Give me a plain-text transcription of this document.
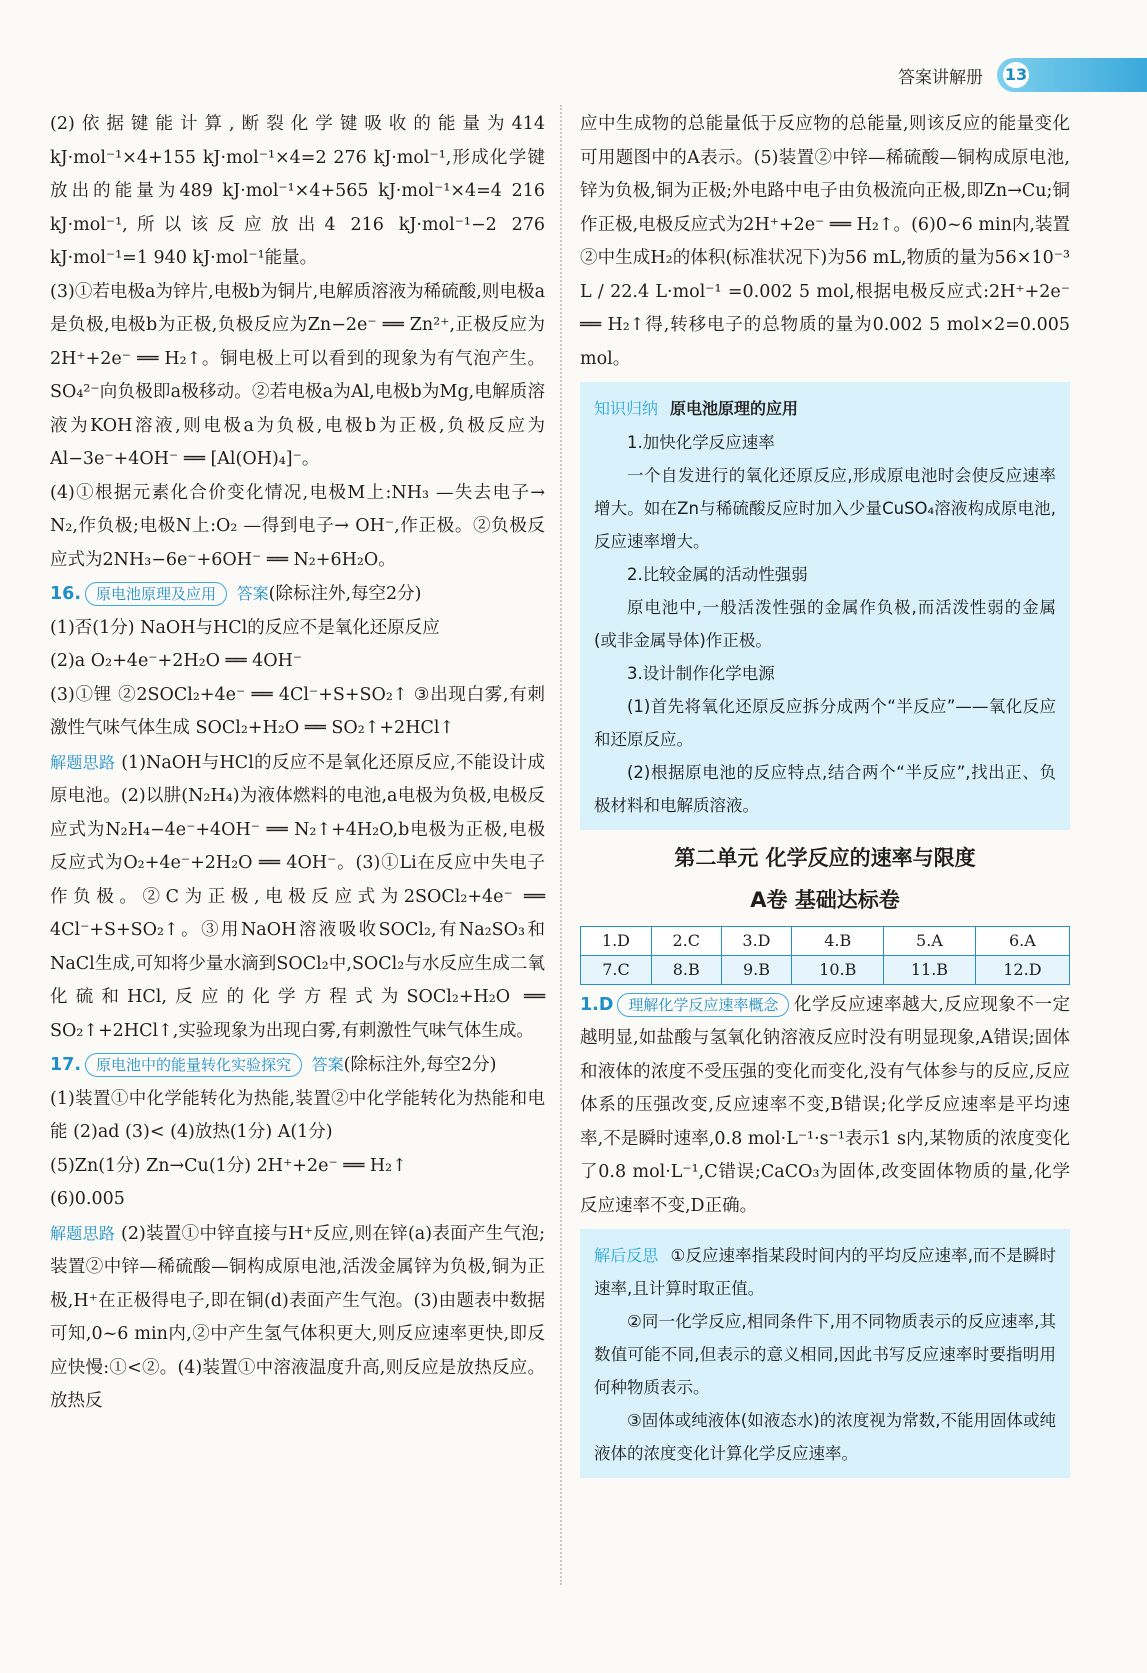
答案讲解册 13

(2)依据键能计算,断裂化学键吸收的能量为414 kJ·mol⁻¹×4+155 kJ·mol⁻¹×4=2 276 kJ·mol⁻¹,形成化学键放出的能量为489 kJ·mol⁻¹×4+565 kJ·mol⁻¹×4=4 216 kJ·mol⁻¹,所以该反应放出4 216 kJ·mol⁻¹−2 276 kJ·mol⁻¹=1 940 kJ·mol⁻¹能量。

(3)①若电极a为锌片,电极b为铜片,电解质溶液为稀硫酸,则电极a是负极,电极b为正极,负极反应为Zn−2e⁻ ══ Zn²⁺,正极反应为2H⁺+2e⁻ ══ H₂↑。铜电极上可以看到的现象为有气泡产生。SO₄²⁻向负极即a极移动。②若电极a为Al,电极b为Mg,电解质溶液为KOH溶液,则电极a为负极,电极b为正极,负极反应为Al−3e⁻+4OH⁻ ══ [Al(OH)₄]⁻。

(4)①根据元素化合价变化情况,电极M上:NH₃ —失去电子→ N₂,作负极;电极N上:O₂ —得到电子→ OH⁻,作正极。②负极反应式为2NH₃−6e⁻+6OH⁻ ══ N₂+6H₂O。

16. 原电池原理及应用 答案(除标注外,每空2分)

(1)否(1分) NaOH与HCl的反应不是氧化还原反应

(2)a O₂+4e⁻+2H₂O ══ 4OH⁻

(3)①锂 ②2SOCl₂+4e⁻ ══ 4Cl⁻+S+SO₂↑ ③出现白雾,有刺激性气味气体生成 SOCl₂+H₂O ══ SO₂↑+2HCl↑

解题思路 (1)NaOH与HCl的反应不是氧化还原反应,不能设计成原电池。(2)以肼(N₂H₄)为液体燃料的电池,a电极为负极,电极反应式为N₂H₄−4e⁻+4OH⁻ ══ N₂↑+4H₂O,b电极为正极,电极反应式为O₂+4e⁻+2H₂O ══ 4OH⁻。(3)①Li在反应中失电子作负极。②C为正极,电极反应式为2SOCl₂+4e⁻ ══ 4Cl⁻+S+SO₂↑。③用NaOH溶液吸收SOCl₂,有Na₂SO₃和NaCl生成,可知将少量水滴到SOCl₂中,SOCl₂与水反应生成二氧化硫和HCl,反应的化学方程式为SOCl₂+H₂O ══ SO₂↑+2HCl↑,实验现象为出现白雾,有刺激性气味气体生成。

17. 原电池中的能量转化实验探究 答案(除标注外,每空2分)

(1)装置①中化学能转化为热能,装置②中化学能转化为热能和电能 (2)ad (3)< (4)放热(1分) A(1分)

(5)Zn(1分) Zn→Cu(1分) 2H⁺+2e⁻ ══ H₂↑

(6)0.005

解题思路 (2)装置①中锌直接与H⁺反应,则在锌(a)表面产生气泡;装置②中锌—稀硫酸—铜构成原电池,活泼金属锌为负极,铜为正极,H⁺在正极得电子,即在铜(d)表面产生气泡。(3)由题表中数据可知,0~6 min内,②中产生氢气体积更大,则反应速率更快,即反应快慢:①<②。(4)装置①中溶液温度升高,则反应是放热反应。放热反

应中生成物的总能量低于反应物的总能量,则该反应的能量变化可用题图中的A表示。(5)装置②中锌—稀硫酸—铜构成原电池,锌为负极,铜为正极;外电路中电子由负极流向正极,即Zn→Cu;铜作正极,电极反应式为2H⁺+2e⁻ ══ H₂↑。(6)0~6 min内,装置②中生成H₂的体积(标准状况下)为56 mL,物质的量为56×10⁻³ L / 22.4 L·mol⁻¹ =0.002 5 mol,根据电极反应式:2H⁺+2e⁻ ══ H₂↑得,转移电子的总物质的量为0.002 5 mol×2=0.005 mol。

知识归纳 原电池原理的应用

1.加快化学反应速率

一个自发进行的氧化还原反应,形成原电池时会使反应速率增大。如在Zn与稀硫酸反应时加入少量CuSO₄溶液构成原电池,反应速率增大。

2.比较金属的活动性强弱

原电池中,一般活泼性强的金属作负极,而活泼性弱的金属(或非金属导体)作正极。

3.设计制作化学电源

(1)首先将氧化还原反应拆分成两个“半反应”——氧化反应和还原反应。

(2)根据原电池的反应特点,结合两个“半反应”,找出正、负极材料和电解质溶液。

第二单元 化学反应的速率与限度
A卷 基础达标卷
1.D	2.C	3.D	4.B	5.A	6.A
7.C	8.B	9.B	10.B	11.B	12.D

1.D 理解化学反应速率概念 化学反应速率越大,反应现象不一定越明显,如盐酸与氢氧化钠溶液反应时没有明显现象,A错误;固体和液体的浓度不受压强的变化而变化,没有气体参与的反应,反应体系的压强改变,反应速率不变,B错误;化学反应速率是平均速率,不是瞬时速率,0.8 mol·L⁻¹·s⁻¹表示1 s内,某物质的浓度变化了0.8 mol·L⁻¹,C错误;CaCO₃为固体,改变固体物质的量,化学反应速率不变,D正确。

解后反思 ①反应速率指某段时间内的平均反应速率,而不是瞬时速率,且计算时取正值。

②同一化学反应,相同条件下,用不同物质表示的反应速率,其数值可能不同,但表示的意义相同,因此书写反应速率时要指明用何种物质表示。

③固体或纯液体(如液态水)的浓度视为常数,不能用固体或纯液体的浓度变化计算化学反应速率。
